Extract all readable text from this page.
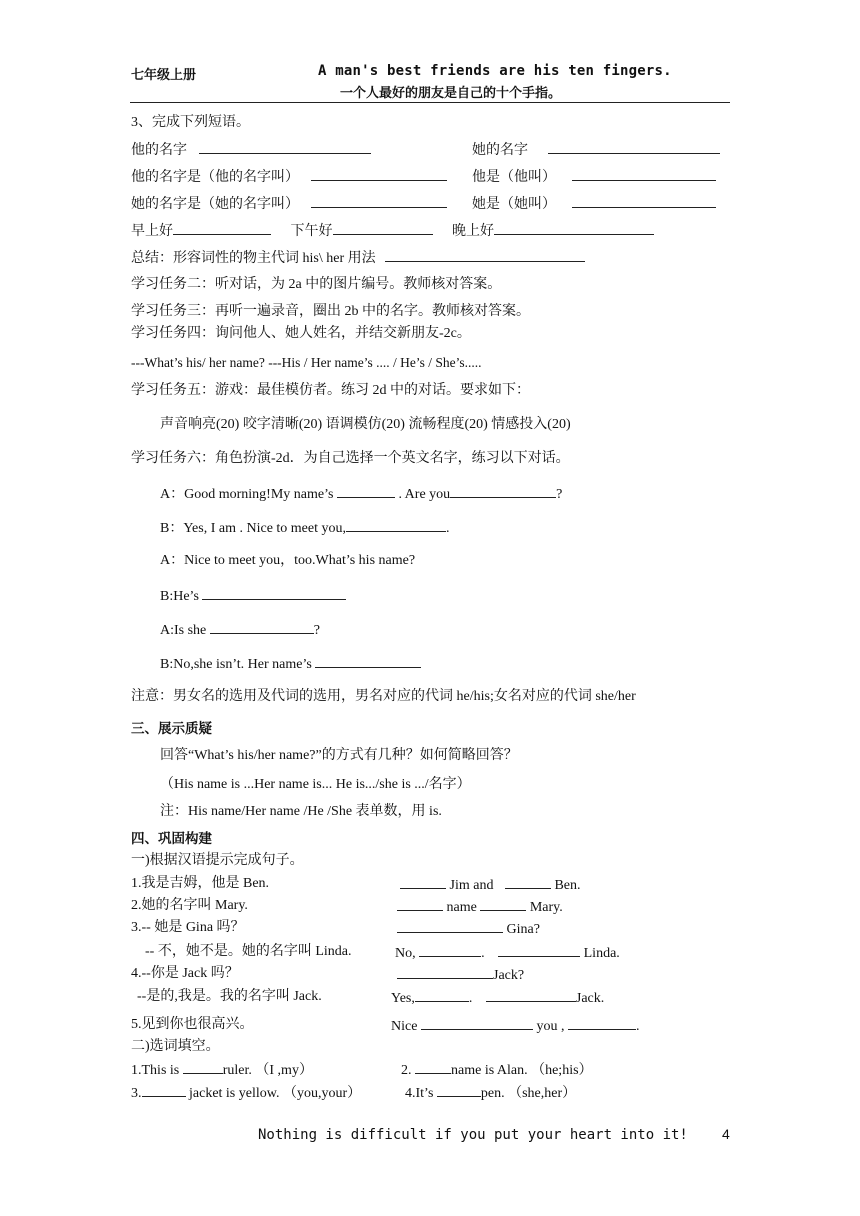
七年级上册	A man's best friends are his ten fingers.
一个人最好的朋友是自己的十个手指。
3、完成下列短语。
他的名字	她的名字
他的名字是（他的名字叫）	他是（他叫）
她的名字是（她的名字叫）	她是（她叫）
早上好	下午好	晚上好
总结：形容词性的物主代词 his\ her 用法
学习任务二：听对话，为 2a 中的图片编号。教师核对答案。
学习任务三：再听一遍录音，圈出 2b 中的名字。教师核对答案。
学习任务四：询问他人、她人姓名，并结交新朋友-2c。
---What’s his/ her name? ---His / Her name’s .... / He’s / She’s.....
学习任务五：游戏：最佳模仿者。练习 2d 中的对话。要求如下：
声音响亮(20) 咬字清晰(20) 语调模仿(20) 流畅程度(20) 情感投入(20)
学习任务六：角色扮演-2d．为自己选择一个英文名字，练习以下对话。
A：Good morning!My name’s	. Are you	?
B：Yes, I am . Nice to meet you,	.
A：Nice to meet you，too.What’s his name?
B:He’s
A:Is she	?
B:No,she isn’t. Her name’s
注意：男女名的选用及代词的选用，男名对应的代词 he/his;女名对应的代词 she/her
三、展示质疑
回答“What’s his/her name?”的方式有几种？如何简略回答？
（His name is ...Her name is... He is.../she is .../名字）
注：His name/Her name /He /She 表单数，用 is.
四、巩固构建
一)根据汉语提示完成句子。
1.我是吉姆，他是 Ben.	Jim and	Ben.
2.她的名字叫 Mary.	name	Mary.
3.-- 她是 Gina 吗？	Gina?
-- 不，她不是。她的名字叫 Linda.	No,	.	Linda.
4.--你是 Jack 吗？	Jack?
--是的,我是。我的名字叫 Jack.	Yes,	.	Jack.
5.见到你也很高兴。	Nice	you ,	.
二)选词填空。
1.This is	ruler. （I ,my）	2.	name is Alan. （he;his）
3.	jacket is yellow. （you,your）	4.It’s	pen. （she,her）
Nothing is difficult if you put your heart into it! 4
